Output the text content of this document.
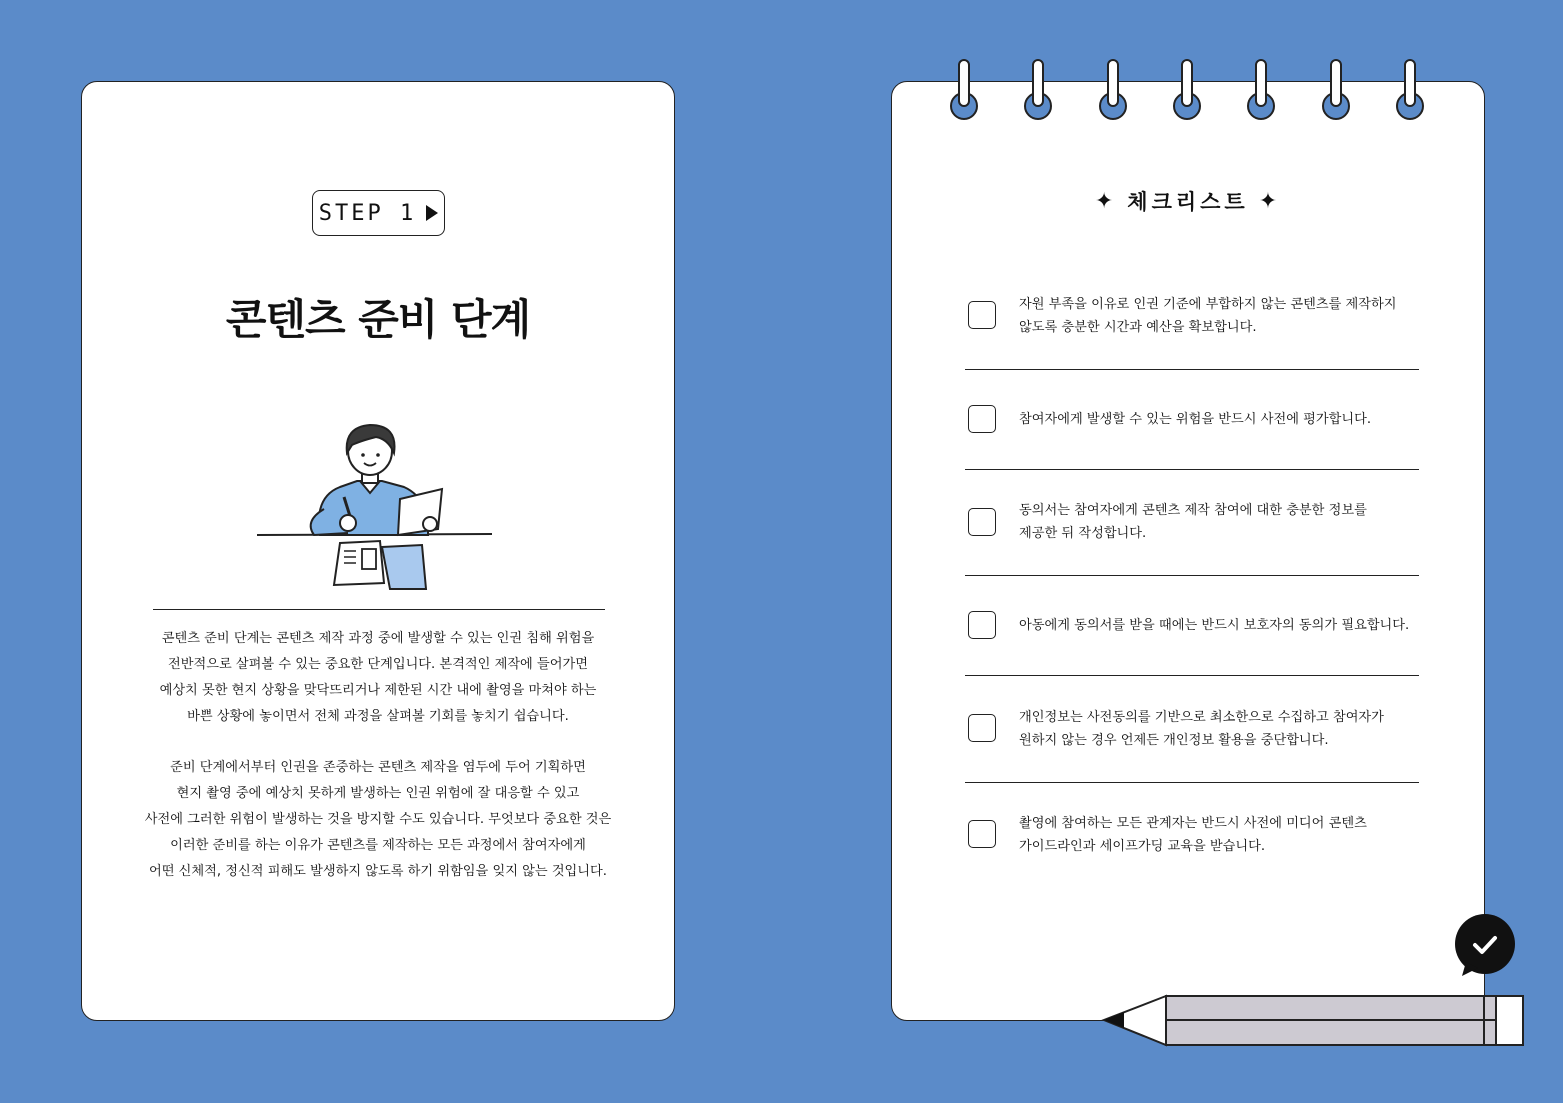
STEP 1
콘텐츠 준비 단계
콘텐츠 준비 단계는 콘텐츠 제작 과정 중에 발생할 수 있는 인권 침해 위험을
전반적으로 살펴볼 수 있는 중요한 단계입니다. 본격적인 제작에 들어가면
예상치 못한 현지 상황을 맞닥뜨리거나 제한된 시간 내에 촬영을 마쳐야 하는
바쁜 상황에 놓이면서 전체 과정을 살펴볼 기회를 놓치기 쉽습니다.
준비 단계에서부터 인권을 존중하는 콘텐츠 제작을 염두에 두어 기획하면
현지 촬영 중에 예상치 못하게 발생하는 인권 위험에 잘 대응할 수 있고
사전에 그러한 위험이 발생하는 것을 방지할 수도 있습니다. 무엇보다 중요한 것은
이러한 준비를 하는 이유가 콘텐츠를 제작하는 모든 과정에서 참여자에게
어떤 신체적, 정신적 피해도 발생하지 않도록 하기 위함임을 잊지 않는 것입니다.
✦ 체크리스트 ✦
자원 부족을 이유로 인권 기준에 부합하지 않는 콘텐츠를 제작하지
않도록 충분한 시간과 예산을 확보합니다.
참여자에게 발생할 수 있는 위험을 반드시 사전에 평가합니다.
동의서는 참여자에게 콘텐츠 제작 참여에 대한 충분한 정보를
제공한 뒤 작성합니다.
아동에게 동의서를 받을 때에는 반드시 보호자의 동의가 필요합니다.
개인정보는 사전동의를 기반으로 최소한으로 수집하고 참여자가
원하지 않는 경우 언제든 개인정보 활용을 중단합니다.
촬영에 참여하는 모든 관계자는 반드시 사전에 미디어 콘텐츠
가이드라인과 세이프가딩 교육을 받습니다.
